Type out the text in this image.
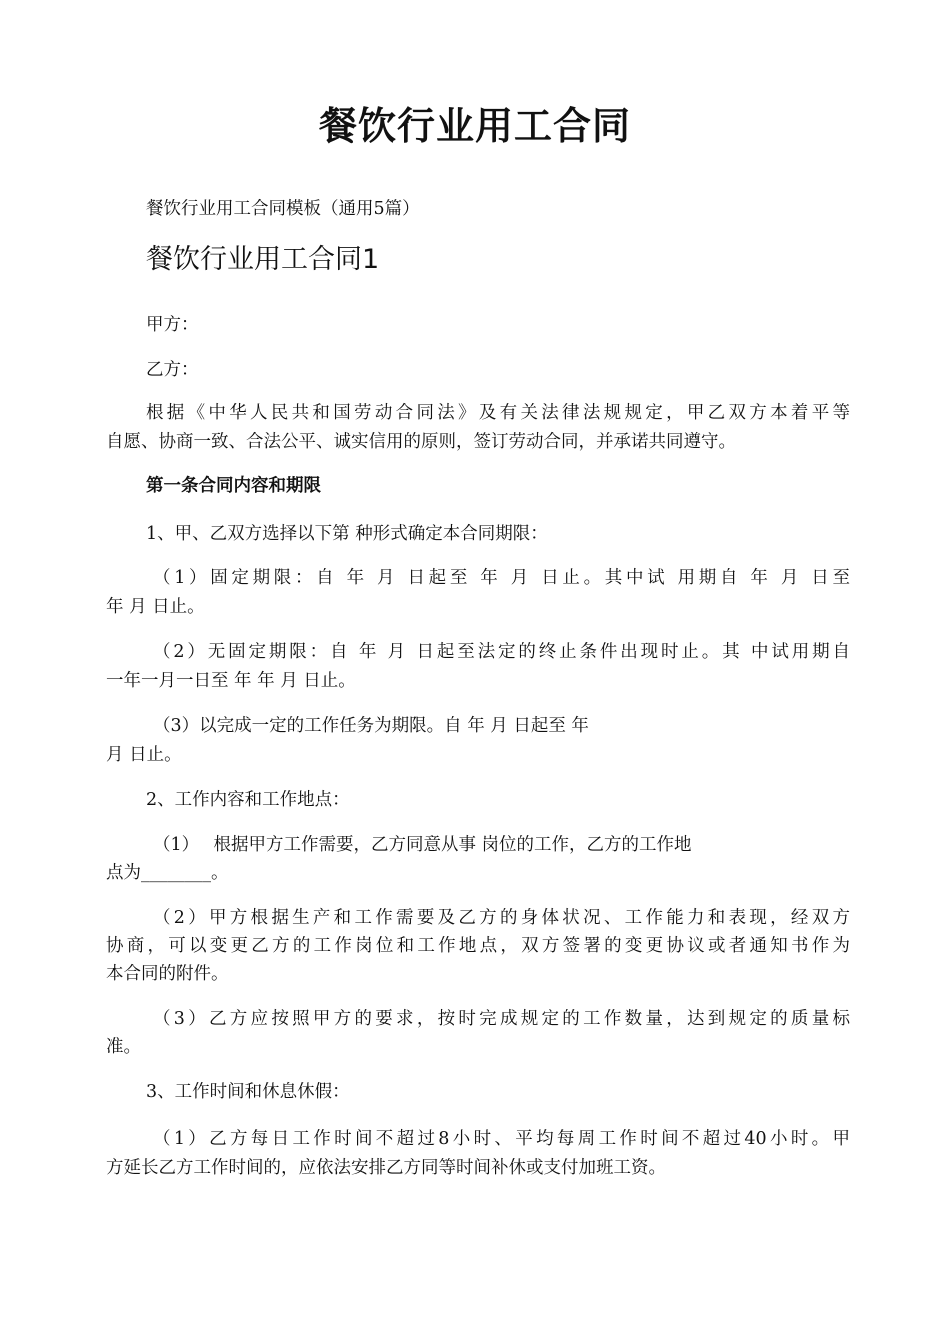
餐饮行业用工合同
餐饮行业用工合同模板（通用5篇）
餐饮行业用工合同1
甲方：
乙方：
根据《中华人民共和国劳动合同法》及有关法律法规规定，甲乙双方本着平等
自愿、协商一致、合法公平、诚实信用的原则，签订劳动合同，并承诺共同遵守。
第一条合同内容和期限
1、甲、乙双方选择以下第 种形式确定本合同期限：
（1）固定期限：自 年 月 日起至 年 月 日止。其中试 用期自 年 月 日至
年 月 日止。
（2）无固定期限：自 年 月 日起至法定的终止条件出现时止。其 中试用期自
一年一月一日至 年 年 月 日止。
（3）以完成一定的工作任务为期限。自 年 月 日起至 年
月 日止。
2、工作内容和工作地点：
（1）　 根据甲方工作需要，乙方同意从事 岗位的工作，乙方的工作地
点为________。
（2）甲方根据生产和工作需要及乙方的身体状况、工作能力和表现，经双方
协商，可以变更乙方的工作岗位和工作地点，双方签署的变更协议或者通知书作为
本合同的附件。
（3）乙方应按照甲方的要求，按时完成规定的工作数量，达到规定的质量标
准。
3、工作时间和休息休假：
（1）乙方每日工作时间不超过8小时、平均每周工作时间不超过40小时。甲
方延长乙方工作时间的，应依法安排乙方同等时间补休或支付加班工资。
